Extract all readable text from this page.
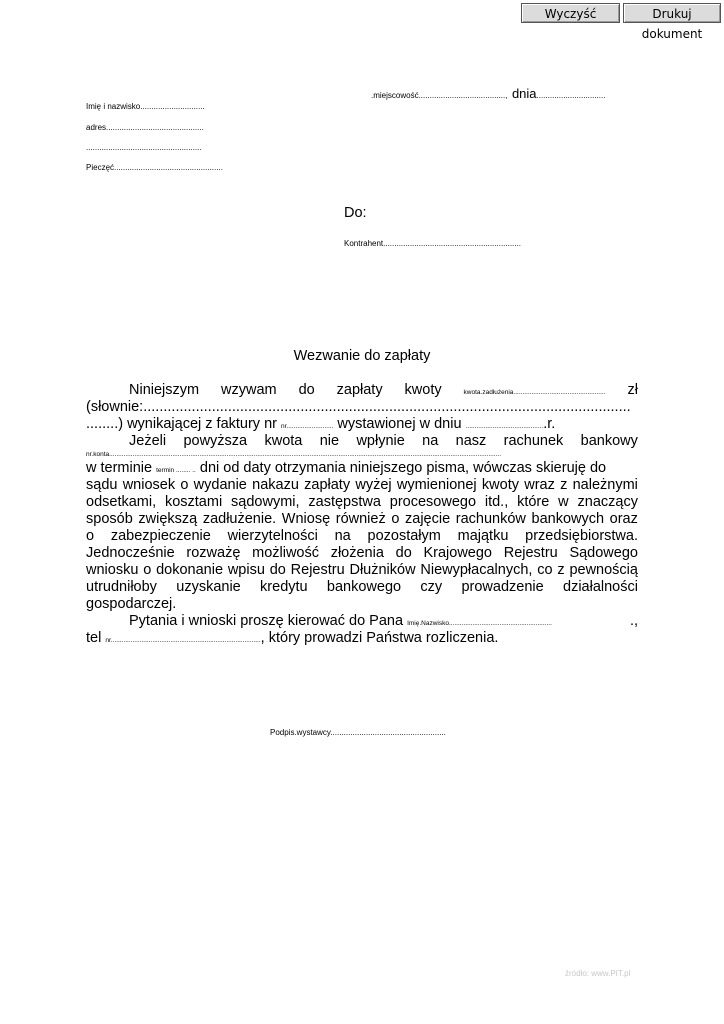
Wyczyść	Drukuj dokument
.miejscowość......................................., dnia...............................
Imię i nazwisko.............................
adres............................................
....................................................
Pieczęć.................................................
Do:
Kontrahent..............................................................
Wezwanie do zapłaty
Niniejszym wzywam do zapłaty kwoty	kwota.zadłużenia................................................... zł
(słownie:.........................................................................................................................
........) wynikającej z faktury nr nr.......................... wystawionej w dniu ............................................r.
Jeżeli powyższa kwota nie wpłynie na nasz rachunek bankowy
nr.konta.........................................................................................................................................................................................................................
w terminie termin ........ .. dni od daty otrzymania niniejszego pisma, wówczas skieruję do
sądu wniosek o wydanie nakazu zapłaty wyżej wymienionej kwoty wraz z należnymi
odsetkami, kosztami sądowymi, zastępstwa procesowego itd., które w znaczący
sposób zwiększą zadłużenie. Wniosę również o zajęcie rachunków bankowych oraz
o zabezpieczenie wierzytelności na pozostałym majątku przedsiębiorstwa.
Jednocześnie rozważę możliwość złożenia do Krajowego Rejestru Sądowego
wniosku o dokonanie wpisu do Rejestru Dłużników Niewypłacalnych, co z pewnością
utrudniłoby uzyskanie kredytu bankowego czy prowadzenie działalności
gospodarczej.
Pytania i wnioski proszę kierować do Pana Imię.Nazwisko.........................................................	.,
tel nr..................................................................................., który prowadzi Państwa rozliczenia.
Podpis.wystawcy....................................................
źródło: www.PIT.pl
